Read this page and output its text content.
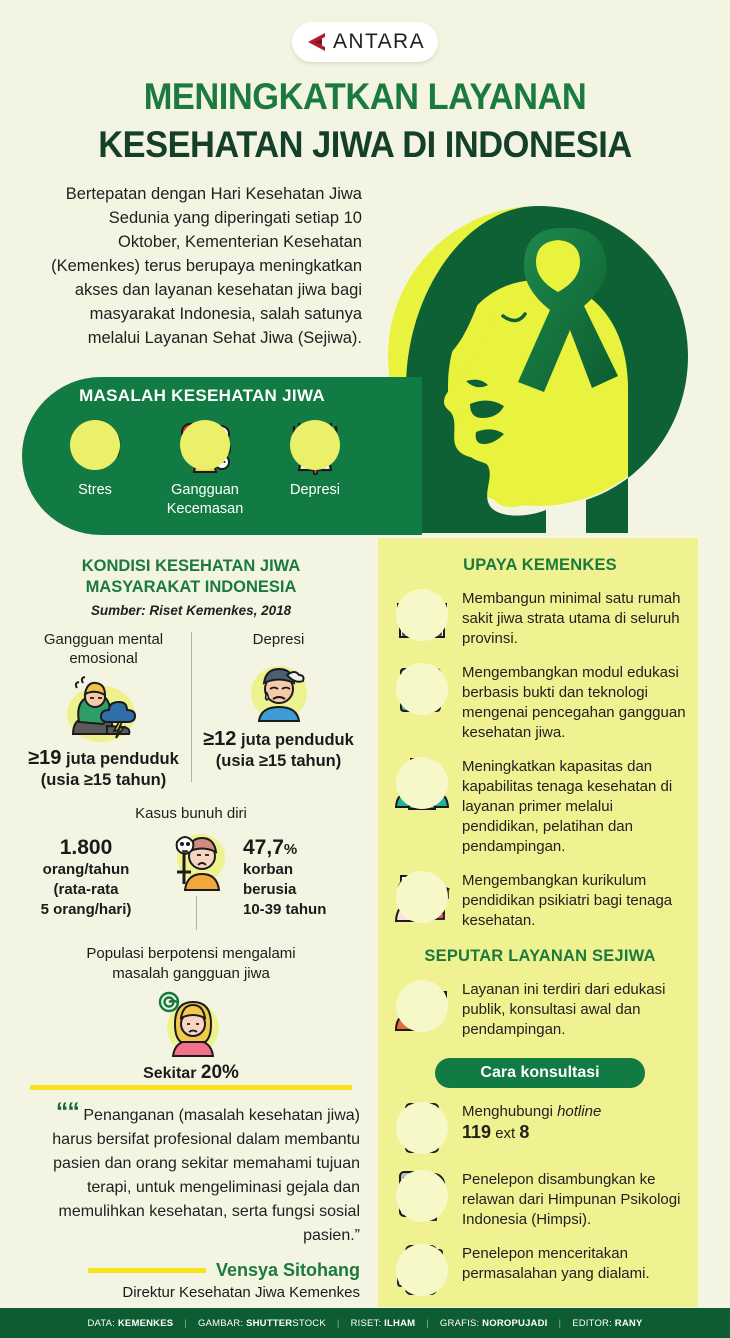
ANTARA
MENINGKATKAN LAYANAN
KESEHATAN JIWA DI INDONESIA
Bertepatan dengan Hari Kesehatan Jiwa Sedunia yang diperingati setiap 10 Oktober, Kementerian Kesehatan (Kemenkes) terus berupaya meningkatkan akses dan layanan kesehatan jiwa bagi masyarakat Indonesia, salah satunya melalui Layanan Sehat Jiwa (Sejiwa).
MASALAH KESEHATAN JIWA
Stres	Gangguan Kecemasan
Depresi
KONDISI KESEHATAN JIWA
MASYARAKAT INDONESIA
Sumber: Riset Kemenkes, 2018
Gangguan mental emosional
≥19 juta penduduk
(usia ≥15 tahun)
Depresi
≥12 juta penduduk
(usia ≥15 tahun)
Kasus bunuh diri
1.800
orang/tahun
(rata-rata
5 orang/hari)
47,7%
korban
berusia
10-39 tahun
Populasi berpotensi mengalami
masalah gangguan jiwa
Sekitar 20%
““ Penanganan (masalah kesehatan jiwa) harus bersifat profesional dalam membantu pasien dan orang sekitar memahami tujuan terapi, untuk mengeliminasi gejala dan memulihkan kesehatan, serta fungsi sosial pasien.”
Vensya Sitohang
Direktur Kesehatan Jiwa Kemenkes
UPAYA KEMENKES
Membangun minimal satu rumah sakit jiwa strata utama di seluruh provinsi.
Mengembangkan modul edukasi berbasis bukti dan teknologi mengenai pencegahan gangguan kesehatan jiwa.
Meningkatkan kapasitas dan kapabilitas tenaga kesehatan di layanan primer melalui pendidikan, pelatihan dan pendampingan.
Mengembangkan kurikulum pendidikan psikiatri bagi tenaga kesehatan.
SEPUTAR LAYANAN SEJIWA
Layanan ini terdiri dari edukasi publik, konsultasi awal dan pendampingan.
Cara konsultasi
Menghubungi hotline
119 ext 8
Penelepon disambungkan ke relawan dari Himpunan Psikologi Indonesia (Himpsi).
Penelepon menceritakan permasalahan yang dialami.
DATA: KEMENKES	|	GAMBAR: SHUTTERSTOCK	|	RISET: ILHAM	|	GRAFIS: NOROPUJADI	|	EDITOR: RANY
